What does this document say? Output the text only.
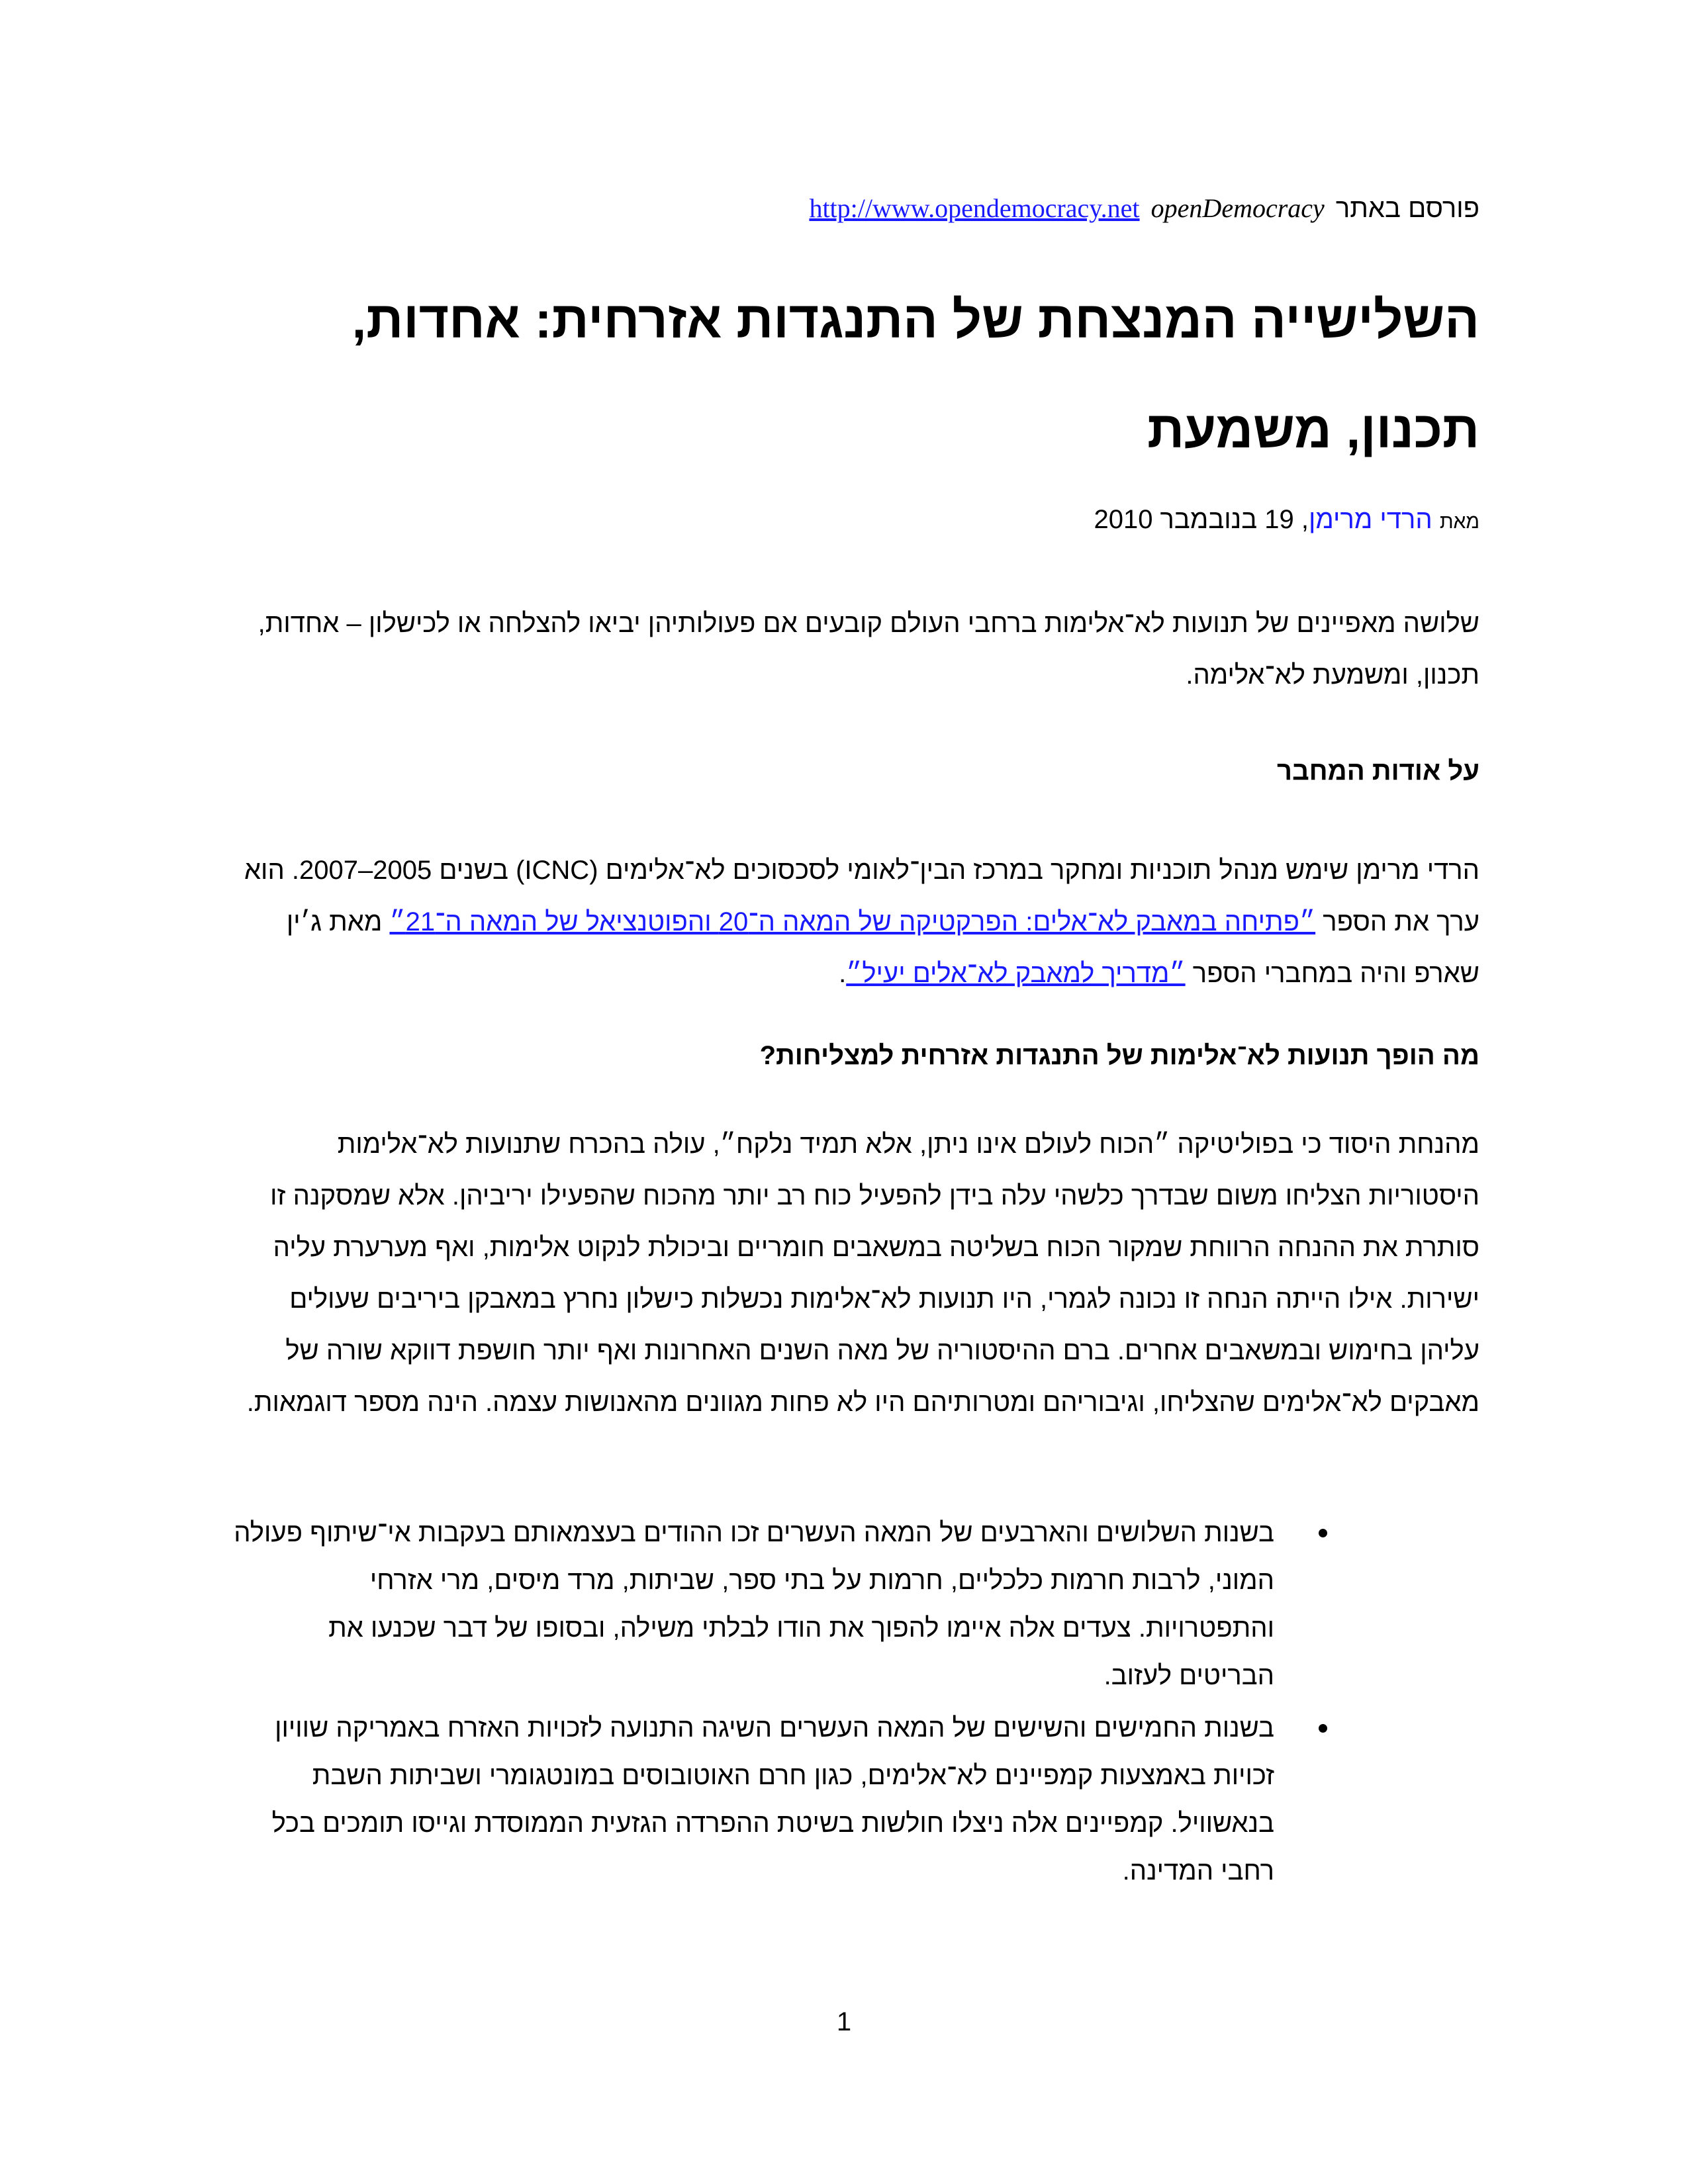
פורסם באתר openDemocracy http://www.opendemocracy.net
השלישייה המנצחת של התנגדות אזרחית: אחדות, תכנון, משמעת
מאת הרדי מרימן, 19 בנובמבר 2010

שלושה מאפיינים של תנועות לא־אלימות ברחבי העולם קובעים אם פעולותיהן יביאו להצלחה או לכישלון – אחדות, תכנון, ומשמעת לא־אלימה.

על אודות המחבר

הרדי מרימן שימש מנהל תוכניות ומחקר במרכז הבין־לאומי לסכסוכים לא־אלימים (ICNC) בשנים 2005–2007. הוא ערך את הספר ״פתיחה במאבק לא־אלים: הפרקטיקה של המאה ה־20 והפוטנציאל של המאה ה־21״ מאת ג׳ין שארפ והיה במחברי הספר ״מדריך למאבק לא־אלים יעיל״.

מה הופך תנועות לא־אלימות של התנגדות אזרחית למצליחות?

מהנחת היסוד כי בפוליטיקה ״הכוח לעולם אינו ניתן, אלא תמיד נלקח״, עולה בהכרח שתנועות לא־אלימות היסטוריות הצליחו משום שבדרך כלשהי עלה בידן להפעיל כוח רב יותר מהכוח שהפעילו יריביהן. אלא שמסקנה זו סותרת את ההנחה הרווחת שמקור הכוח בשליטה במשאבים חומריים וביכולת לנקוט אלימות, ואף מערערת עליה ישירות. אילו הייתה הנחה זו נכונה לגמרי, היו תנועות לא־אלימות נכשלות כישלון נחרץ במאבקן ביריבים שעולים עליהן בחימוש ובמשאבים אחרים. ברם ההיסטוריה של מאה השנים האחרונות ואף יותר חושפת דווקא שורה של מאבקים לא־אלימים שהצליחו, וגיבוריהם ומטרותיהם היו לא פחות מגוונים מהאנושות עצמה. הינה מספר דוגמאות.

בשנות השלושים והארבעים של המאה העשרים זכו ההודים בעצמאותם בעקבות אי־שיתוף פעולה המוני, לרבות חרמות כלכליים, חרמות על בתי ספר, שביתות, מרד מיסים, מרי אזרחי והתפטרויות. צעדים אלה איימו להפוך את הודו לבלתי משילה, ובסופו של דבר שכנעו את הבריטים לעזוב.
בשנות החמישים והשישים של המאה העשרים השיגה התנועה לזכויות האזרח באמריקה שוויון זכויות באמצעות קמפיינים לא־אלימים, כגון חרם האוטובוסים במונטגומרי ושביתות השבת בנאשוויל. קמפיינים אלה ניצלו חולשות בשיטת ההפרדה הגזעית הממוסדת וגייסו תומכים בכל רחבי המדינה.
1
